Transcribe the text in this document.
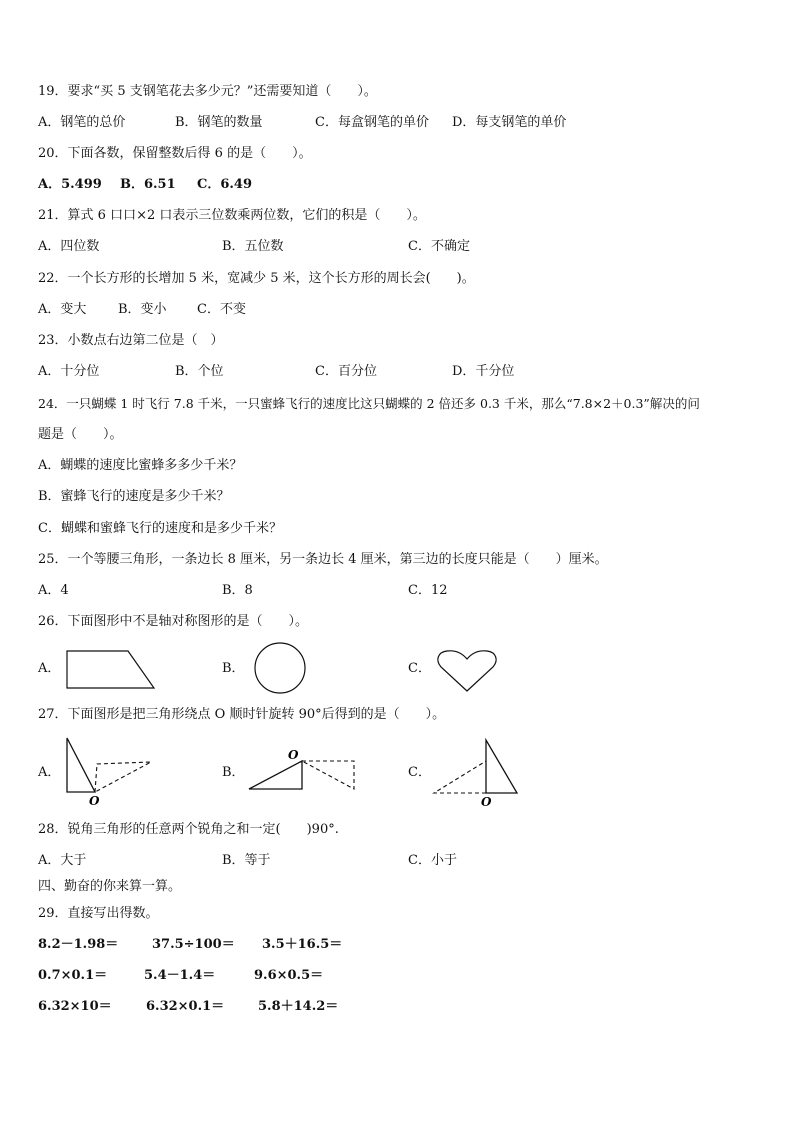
19．要求“买 5 支钢笔花去多少元？”还需要知道（　　）。
A．钢笔的总价	B．钢笔的数量	C．每盒钢笔的单价 D．每支钢笔的单价
20．下面各数，保留整数后得 6 的是（　　）。
A．5.499 B．6.51 C．6.49
21．算式 6 口口×2 口表示三位数乘两位数，它们的积是（　　）。
A．四位数	B．五位数	C．不确定
22．一个长方形的长增加 5 米，宽减少 5 米，这个长方形的周长会(　　)。
A．变大 B．变小 C．不变
23．小数点右边第二位是（　）
A．十分位	B．个位	C．百分位	D．千分位
24．一只蝴蝶 1 时飞行 7.8 千米，一只蜜蜂飞行的速度比这只蝴蝶的 2 倍还多 0.3 千米，那么“7.8×2＋0.3”解决的问
题是（　　）。
A．蝴蝶的速度比蜜蜂多多少千米？
B．蜜蜂飞行的速度是多少千米？
C．蝴蝶和蜜蜂飞行的速度和是多少千米？
25．一个等腰三角形，一条边长 8 厘米，另一条边长 4 厘米，第三边的长度只能是（　　）厘米。
A．4	B．8	C．12
26．下面图形中不是轴对称图形的是（　　）。
A．	B．	C．
27．下面图形是把三角形绕点 O 顺时针旋转 90°后得到的是（　　）。
A．
O
B．
O
C．
O
28．锐角三角形的任意两个锐角之和一定(　　)90°.
A．大于	B．等于	C．小于
四、勤奋的你来算一算。
29．直接写出得数。
8.2－1.98＝	37.5÷100＝ 3.5＋16.5＝
0.7×0.1＝	5.4－1.4＝	9.6×0.5＝
6.32×10＝	6.32×0.1＝	5.8＋14.2＝
